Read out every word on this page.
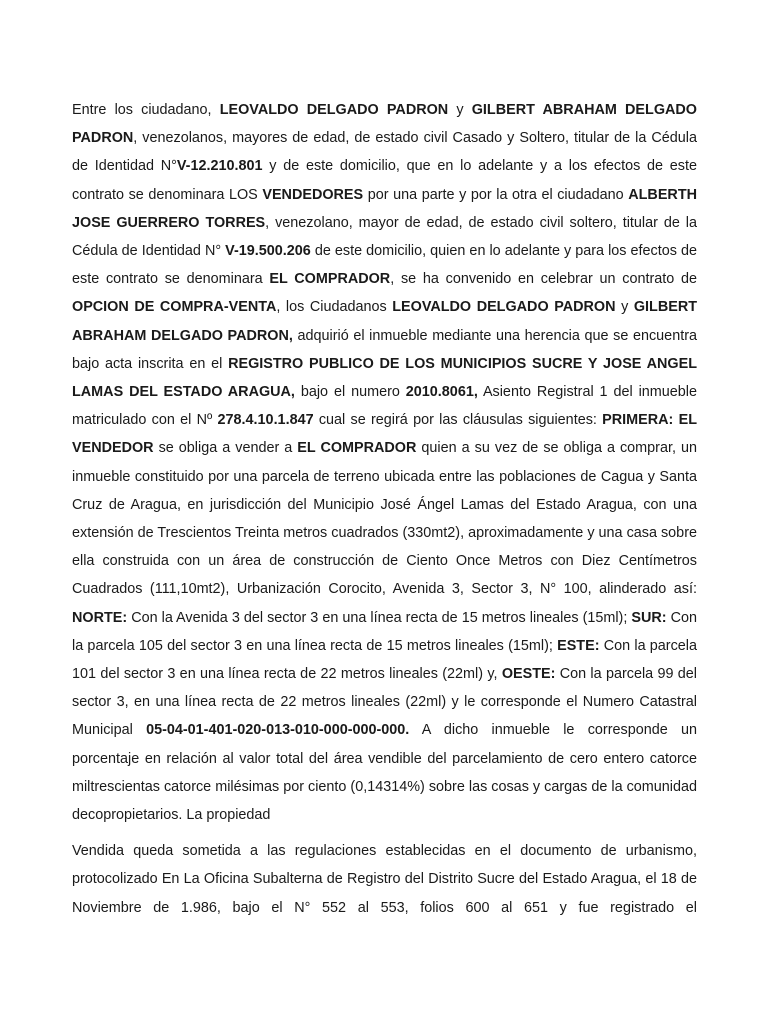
Entre los ciudadano, LEOVALDO DELGADO PADRON y GILBERT ABRAHAM DELGADO PADRON, venezolanos, mayores de edad, de estado civil Casado y Soltero, titular de la Cédula de Identidad N°V-12.210.801 y de este domicilio, que en lo adelante y a los efectos de este contrato se denominara LOS VENDEDORES por una parte y por la otra el ciudadano ALBERTH JOSE GUERRERO TORRES, venezolano, mayor de edad, de estado civil soltero, titular de la Cédula de Identidad N° V-19.500.206 de este domicilio, quien en lo adelante y para los efectos de este contrato se denominara EL COMPRADOR, se ha convenido en celebrar un contrato de OPCION DE COMPRA-VENTA, los Ciudadanos LEOVALDO DELGADO PADRON y GILBERT ABRAHAM DELGADO PADRON, adquirió el inmueble mediante una herencia que se encuentra bajo acta inscrita en el REGISTRO PUBLICO DE LOS MUNICIPIOS SUCRE Y JOSE ANGEL LAMAS DEL ESTADO ARAGUA, bajo el numero 2010.8061, Asiento Registral 1 del inmueble matriculado con el Nº 278.4.10.1.847 cual se regirá por las cláusulas siguientes: PRIMERA: EL VENDEDOR se obliga a vender a EL COMPRADOR quien a su vez de se obliga a comprar, un inmueble constituido por una parcela de terreno ubicada entre las poblaciones de Cagua y Santa Cruz de Aragua, en jurisdicción del Municipio José Ángel Lamas del Estado Aragua, con una extensión de Trescientos Treinta metros cuadrados (330mt2), aproximadamente y una casa sobre ella construida con un área de construcción de Ciento Once Metros con Diez Centímetros Cuadrados (111,10mt2), Urbanización Corocito, Avenida 3, Sector 3, N° 100, alinderado así: NORTE: Con la Avenida 3 del sector 3 en una línea recta de 15 metros lineales (15ml); SUR: Con la parcela 105 del sector 3 en una línea recta de 15 metros lineales (15ml); ESTE: Con la parcela 101 del sector 3 en una línea recta de 22 metros lineales (22ml) y, OESTE: Con la parcela 99 del sector 3, en una línea recta de 22 metros lineales (22ml) y le corresponde el Numero Catastral Municipal 05-04-01-401-020-013-010-000-000-000. A dicho inmueble le corresponde un porcentaje en relación al valor total del área vendible del parcelamiento de cero entero catorce miltrescientas catorce milésimas por ciento (0,14314%) sobre las cosas y cargas de la comunidad decopropietarios. La propiedad

Vendida queda sometida a las regulaciones establecidas en el documento de urbanismo, protocolizado En La Oficina Subalterna de Registro del Distrito Sucre del Estado Aragua, el 18 de Noviembre de 1.986, bajo el N° 552 al 553, folios 600 al 651 y fue registrado el
